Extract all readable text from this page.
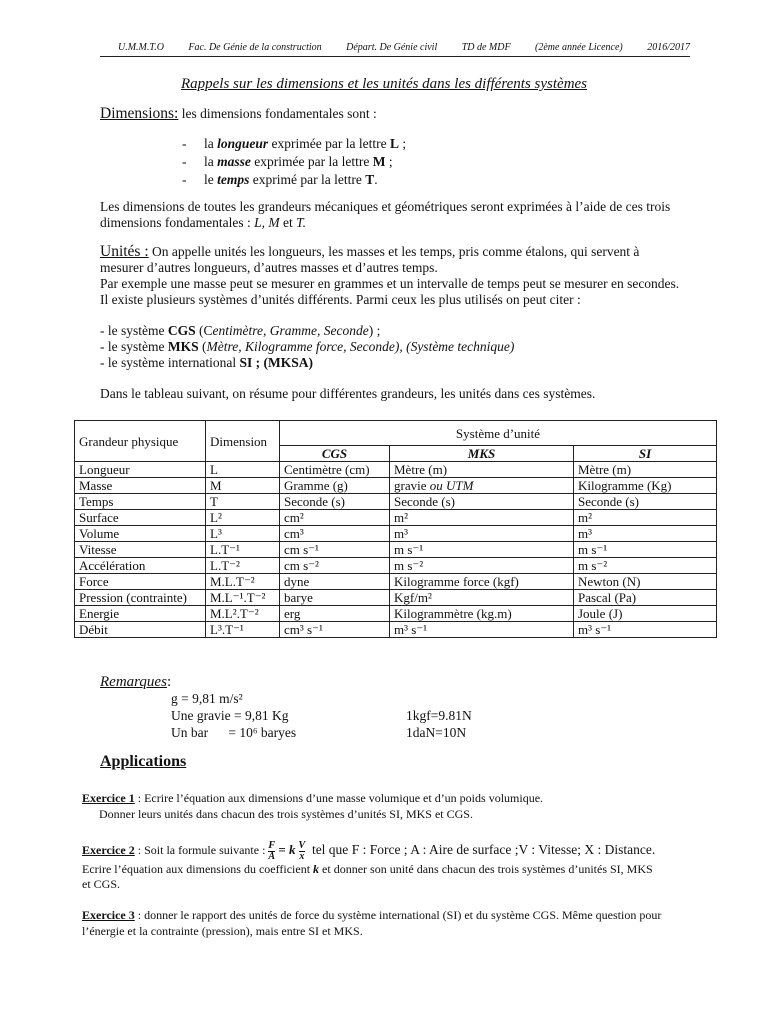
U.M.M.T.O Fac. De Génie de la construction Départ. De Génie civil TD de MDF (2ème année Licence) 2016/2017
Rappels sur les dimensions et les unités dans les différents systèmes
Dimensions: les dimensions fondamentales sont :
- la longueur exprimée par la lettre L ;
- la masse exprimée par la lettre M ;
- le temps exprimé par la lettre T.

Les dimensions de toutes les grandeurs mécaniques et géométriques seront exprimées à l’aide de ces trois

dimensions fondamentales : L, M et T.

Unités : On appelle unités les longueurs, les masses et les temps, pris comme étalons, qui servent à

mesurer d’autres longueurs, d’autres masses et d’autres temps.

Par exemple une masse peut se mesurer en grammes et un intervalle de temps peut se mesurer en secondes.

Il existe plusieurs systèmes d’unités différents. Parmi ceux les plus utilisés on peut citer :

- le système CGS (Centimètre, Gramme, Seconde) ;

- le système MKS (Mètre, Kilogramme force, Seconde), (Système technique)

- le système international SI ; (MKSA)

Dans le tableau suivant, on résume pour différentes grandeurs, les unités dans ces systèmes.
Grandeur physique	Dimension	Système d’unité		
		CGS	MKS	SI
Longueur	L	Centimètre (cm)	Mètre (m)	Mètre (m)
Masse	M	Gramme (g)	gravie ou UTM	Kilogramme (Kg)
Temps	T	Seconde (s)	Seconde (s)	Seconde (s)
Surface	L²	cm²	m²	m²
Volume	L³	cm³	m³	m³
Vitesse	L.T⁻¹	cm s⁻¹	m s⁻¹	m s⁻¹
Accélération	L.T⁻²	cm s⁻²	m s⁻²	m s⁻²
Force	M.L.T⁻²	dyne	Kilogramme force (kgf)	Newton (N)
Pression (contrainte)	M.L⁻¹.T⁻²	barye	Kgf/m²	Pascal (Pa)
Energie	M.L².T⁻²	erg	Kilogrammètre (kg.m)	Joule (J)
Débit	L³.T⁻¹	cm³ s⁻¹	m³ s⁻¹	m³ s⁻¹
Remarques:
g = 9,81 m/s²
Une gravie = 9,81 Kg
Un bar      = 10⁶ baryes
1kgf=9.81N
1daN=10N
Applications

Exercice 1 : Ecrire l’équation aux dimensions d’une masse volumique et d’un poids volumique.

Donner leurs unités dans chacun des trois systèmes d’unités SI, MKS et CGS.

Exercice 2 : Soit la formule suivante : $\frac{F}{A} = k \frac{V}{x}$ tel que F : Force ; A : Aire de surface ;V : Vitesse; X : Distance.

Ecrire l’équation aux dimensions du coefficient k et donner son unité dans chacun des trois systèmes d’unités SI, MKS

et CGS.

Exercice 3 : donner le rapport des unités de force du système international (SI) et du système CGS. Même question pour

l’énergie et la contrainte (pression), mais entre SI et MKS.
